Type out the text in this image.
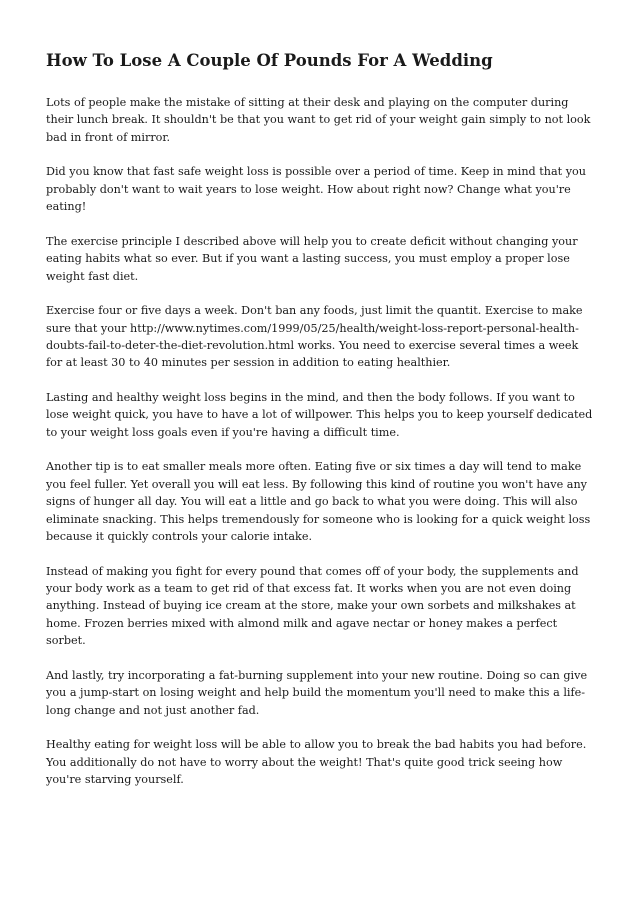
How To Lose A Couple Of Pounds For A Wedding

Lots of people make the mistake of sitting at their desk and playing on the computer during their lunch break. It shouldn't be that you want to get rid of your weight gain simply to not look bad in front of mirror.

Did you know that fast safe weight loss is possible over a period of time. Keep in mind that you probably don't want to wait years to lose weight. How about right now? Change what you're eating!

The exercise principle I described above will help you to create deficit without changing your eating habits what so ever. But if you want a lasting success, you must employ a proper lose weight fast diet.

Exercise four or five days a week. Don't ban any foods, just limit the quantit. Exercise to make sure that your http://www.nytimes.com/1999/05/25/health/weight-loss-report-personal-health-doubts-fail-to-deter-the-diet-revolution.html works. You need to exercise several times a week for at least 30 to 40 minutes per session in addition to eating healthier.

Lasting and healthy weight loss begins in the mind, and then the body follows. If you want to lose weight quick, you have to have a lot of willpower. This helps you to keep yourself dedicated to your weight loss goals even if you're having a difficult time.

Another tip is to eat smaller meals more often. Eating five or six times a day will tend to make you feel fuller. Yet overall you will eat less. By following this kind of routine you won't have any signs of hunger all day. You will eat a little and go back to what you were doing. This will also eliminate snacking. This helps tremendously for someone who is looking for a quick weight loss because it quickly controls your calorie intake.

Instead of making you fight for every pound that comes off of your body, the supplements and your body work as a team to get rid of that excess fat. It works when you are not even doing anything. Instead of buying ice cream at the store, make your own sorbets and milkshakes at home. Frozen berries mixed with almond milk and agave nectar or honey makes a perfect sorbet.

And lastly, try incorporating a fat-burning supplement into your new routine. Doing so can give you a jump-start on losing weight and help build the momentum you'll need to make this a life-long change and not just another fad.

Healthy eating for weight loss will be able to allow you to break the bad habits you had before. You additionally do not have to worry about the weight! That's quite good trick seeing how you're starving yourself.
